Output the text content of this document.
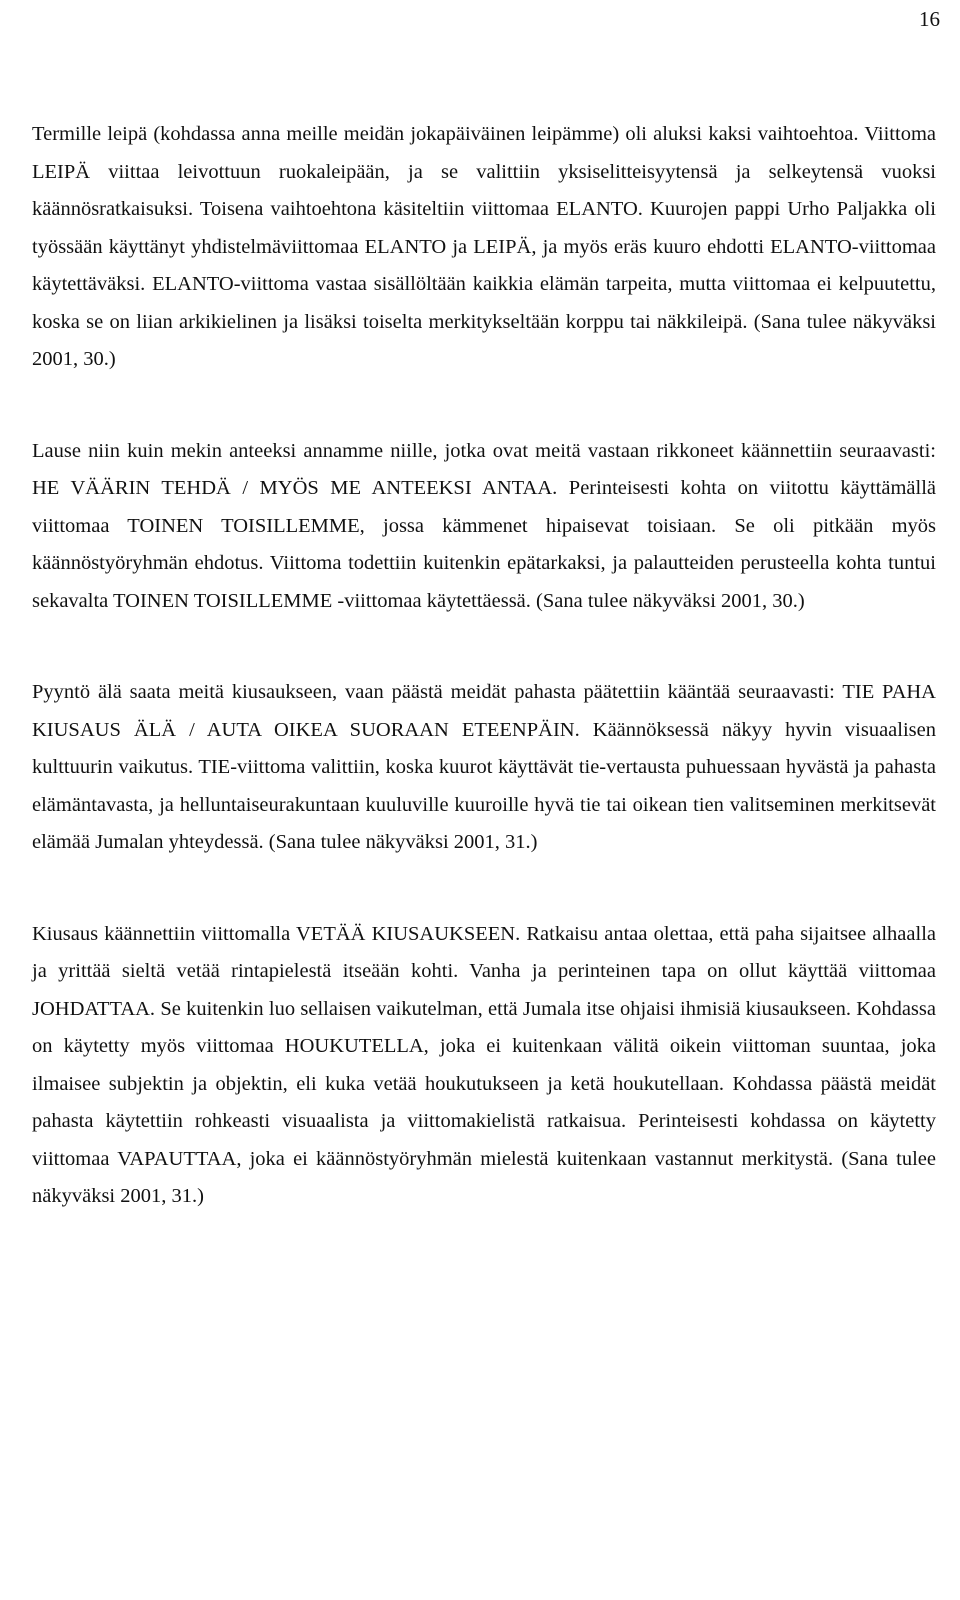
16

Termille leipä (kohdassa anna meille meidän jokapäiväinen leipämme) oli aluksi kaksi vaihtoehtoa. Viittoma LEIPÄ viittaa leivottuun ruokaleipään, ja se valittiin yksiselitteisyytensä ja selkeytensä vuoksi käännösratkaisuksi. Toisena vaihtoehtona käsiteltiin viittomaa ELANTO. Kuurojen pappi Urho Paljakka oli työssään käyttänyt yhdistelmäviittomaa ELANTO ja LEIPÄ, ja myös eräs kuuro ehdotti ELANTO-viittomaa käytettäväksi. ELANTO-viittoma vastaa sisällöltään kaikkia elämän tarpeita, mutta viittomaa ei kelpuutettu, koska se on liian arkikielinen ja lisäksi toiselta merkitykseltään korppu tai näkkileipä. (Sana tulee näkyväksi 2001, 30.)

Lause niin kuin mekin anteeksi annamme niille, jotka ovat meitä vastaan rikkoneet käännettiin seuraavasti: HE VÄÄRIN TEHDÄ / MYÖS ME ANTEEKSI ANTAA. Perinteisesti kohta on viitottu käyttämällä viittomaa TOINEN TOISILLEMME, jossa kämmenet hipaisevat toisiaan. Se oli pitkään myös käännöstyöryhmän ehdotus. Viittoma todettiin kuitenkin epätarkaksi, ja palautteiden perusteella kohta tuntui sekavalta TOINEN TOISILLEMME -viittomaa käytettäessä. (Sana tulee näkyväksi 2001, 30.)

Pyyntö älä saata meitä kiusaukseen, vaan päästä meidät pahasta päätettiin kääntää seuraavasti: TIE PAHA KIUSAUS ÄLÄ / AUTA OIKEA SUORAAN ETEENPÄIN. Käännöksessä näkyy hyvin visuaalisen kulttuurin vaikutus. TIE-viittoma valittiin, koska kuurot käyttävät tie-vertausta puhuessaan hyvästä ja pahasta elämäntavasta, ja helluntaiseurakuntaan kuuluville kuuroille hyvä tie tai oikean tien valitseminen merkitsevät elämää Jumalan yhteydessä. (Sana tulee näkyväksi 2001, 31.)

Kiusaus käännettiin viittomalla VETÄÄ KIUSAUKSEEN. Ratkaisu antaa olettaa, että paha sijaitsee alhaalla ja yrittää sieltä vetää rintapielestä itseään kohti. Vanha ja perinteinen tapa on ollut käyttää viittomaa JOHDATTAA. Se kuitenkin luo sellaisen vaikutelman, että Jumala itse ohjaisi ihmisiä kiusaukseen. Kohdassa on käytetty myös viittomaa HOUKUTELLA, joka ei kuitenkaan välitä oikein viittoman suuntaa, joka ilmaisee subjektin ja objektin, eli kuka vetää houkutukseen ja ketä houkutellaan. Kohdassa päästä meidät pahasta käytettiin rohkeasti visuaalista ja viittomakielistä ratkaisua. Perinteisesti kohdassa on käytetty viittomaa VAPAUTTAA, joka ei käännöstyöryhmän mielestä kuitenkaan vastannut merkitystä. (Sana tulee näkyväksi 2001, 31.)
